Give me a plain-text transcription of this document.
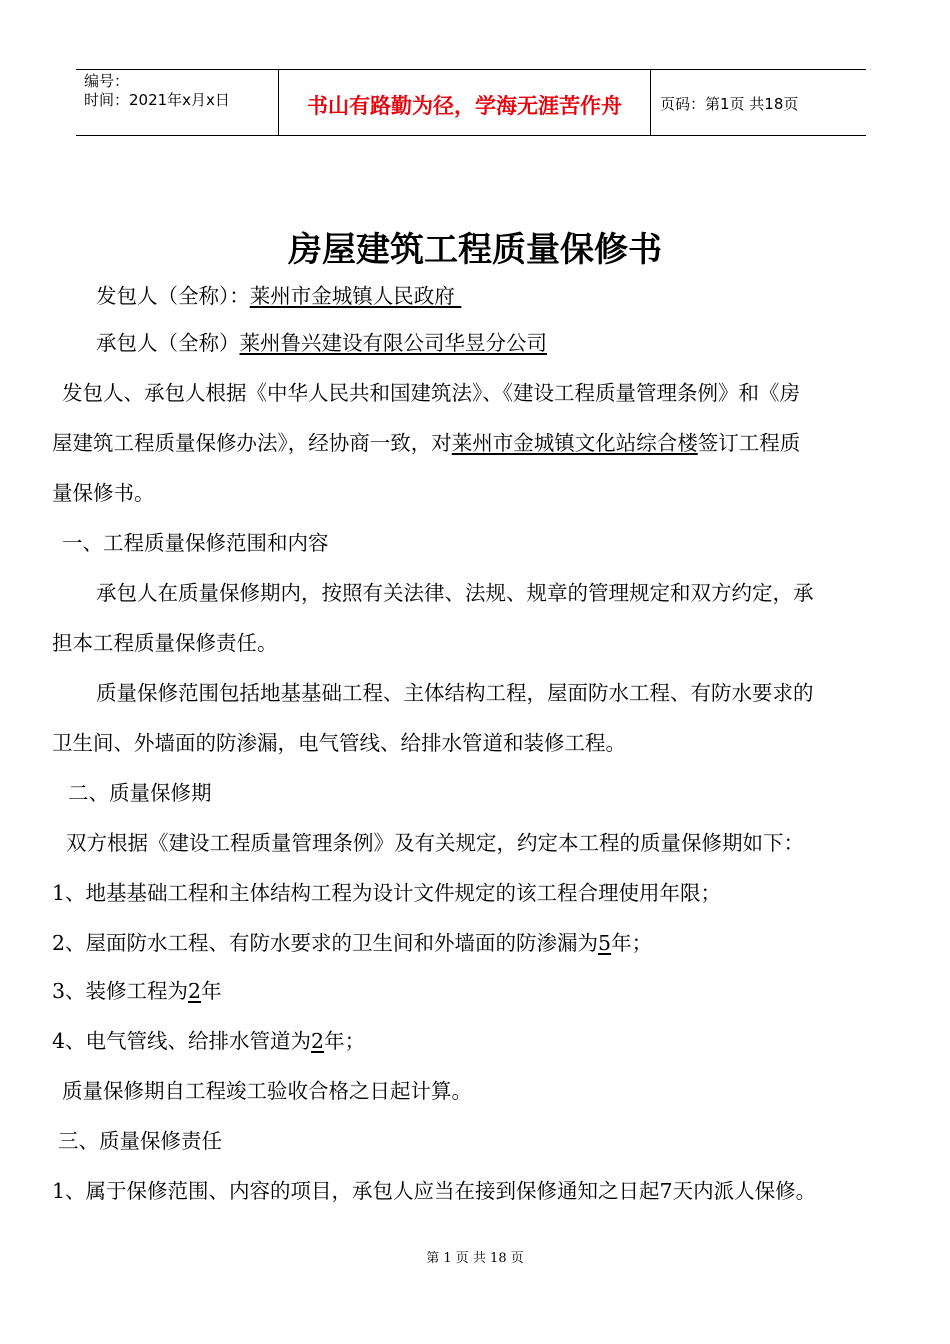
编号：
时间：2021年x月x日	书山有路勤为径，学海无涯苦作舟	页码：第1页 共18页
房屋建筑工程质量保修书
发包人（全称）：莱州市金城镇人民政府
承包人（全称）莱州鲁兴建设有限公司华昱分公司
发包人、承包人根据《中华人民共和国建筑法》、《建设工程质量管理条例》和《房
屋建筑工程质量保修办法》，经协商一致，对莱州市金城镇文化站综合楼签订工程质
量保修书。
一、工程质量保修范围和内容
承包人在质量保修期内，按照有关法律、法规、规章的管理规定和双方约定，承
担本工程质量保修责任。
质量保修范围包括地基基础工程、主体结构工程，屋面防水工程、有防水要求的
卫生间、外墙面的防渗漏，电气管线、给排水管道和装修工程。
二、质量保修期
双方根据《建设工程质量管理条例》及有关规定，约定本工程的质量保修期如下：
1、地基基础工程和主体结构工程为设计文件规定的该工程合理使用年限；
2、屋面防水工程、有防水要求的卫生间和外墙面的防渗漏为5年；
3、装修工程为2年
4、电气管线、给排水管道为2年；
质量保修期自工程竣工验收合格之日起计算。
三、质量保修责任
1、属于保修范围、内容的项目，承包人应当在接到保修通知之日起7天内派人保修。
第 1 页 共 18 页
